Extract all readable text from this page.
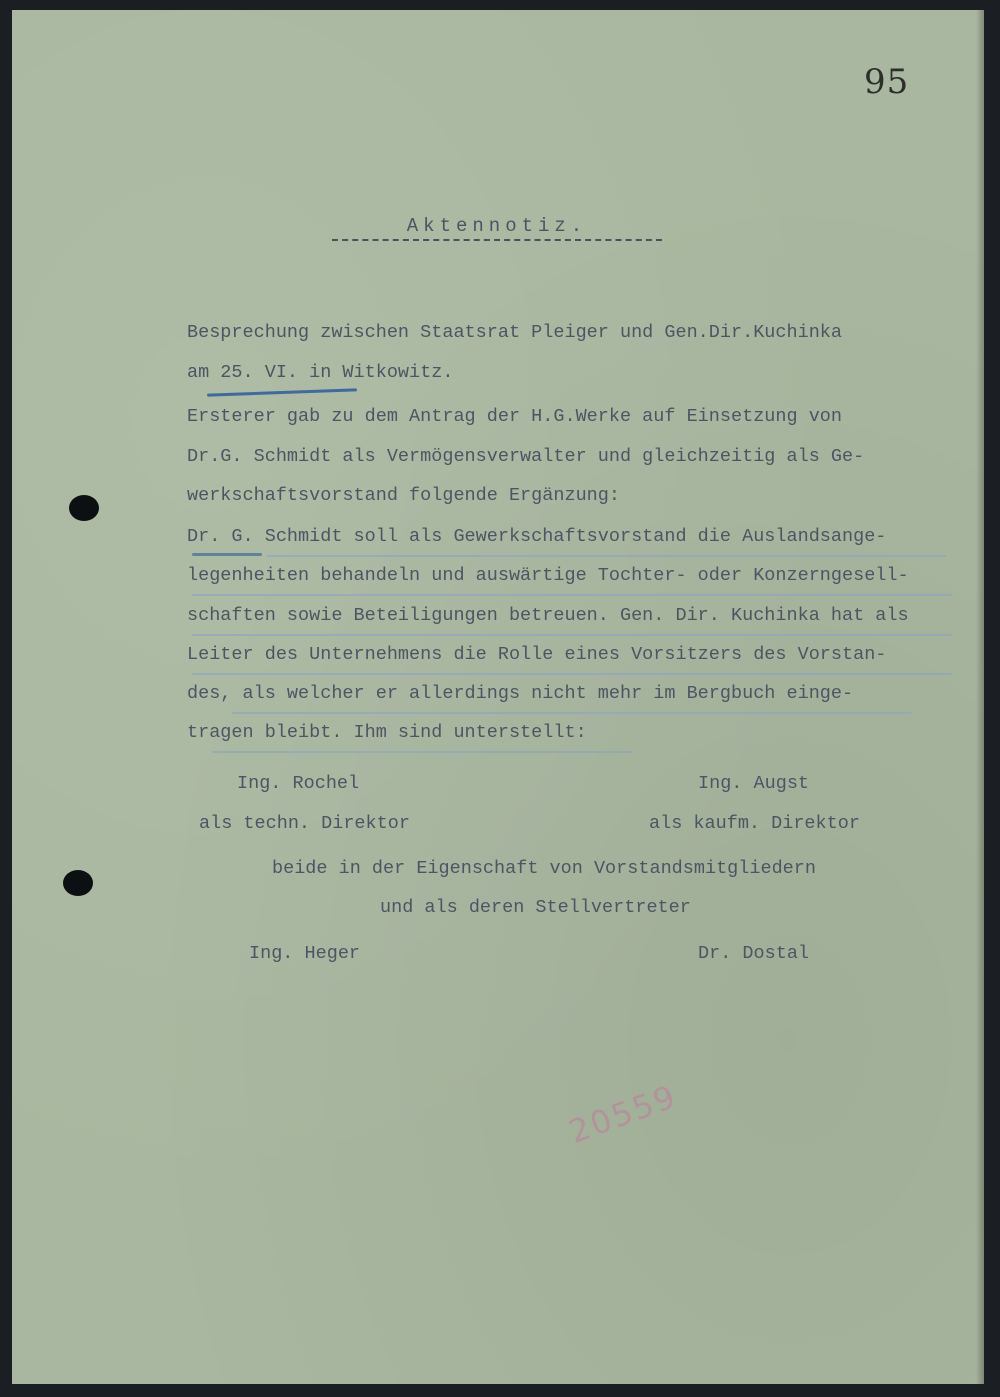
95
Aktennotiz.
Besprechung zwischen Staatsrat Pleiger und Gen.Dir.Kuchinka
am 25. VI. in Witkowitz.
Ersterer gab zu dem Antrag der H.G.Werke auf Einsetzung von
Dr.G. Schmidt als Vermögensverwalter und gleichzeitig als Ge-
werkschaftsvorstand folgende Ergänzung:
Dr. G. Schmidt soll als Gewerkschaftsvorstand die Auslandsange-
legenheiten behandeln und auswärtige Tochter- oder Konzerngesell-
schaften sowie Beteiligungen betreuen. Gen. Dir. Kuchinka hat als
Leiter des Unternehmens die Rolle eines Vorsitzers des Vorstan-
des, als welcher er allerdings nicht mehr im Bergbuch einge-
tragen bleibt. Ihm sind unterstellt:
Ing. Rochel	Ing. Augst
als techn. Direktor	als kaufm. Direktor
beide in der Eigenschaft von Vorstandsmitgliedern
und als deren Stellvertreter
Ing. Heger	Dr. Dostal
20559
